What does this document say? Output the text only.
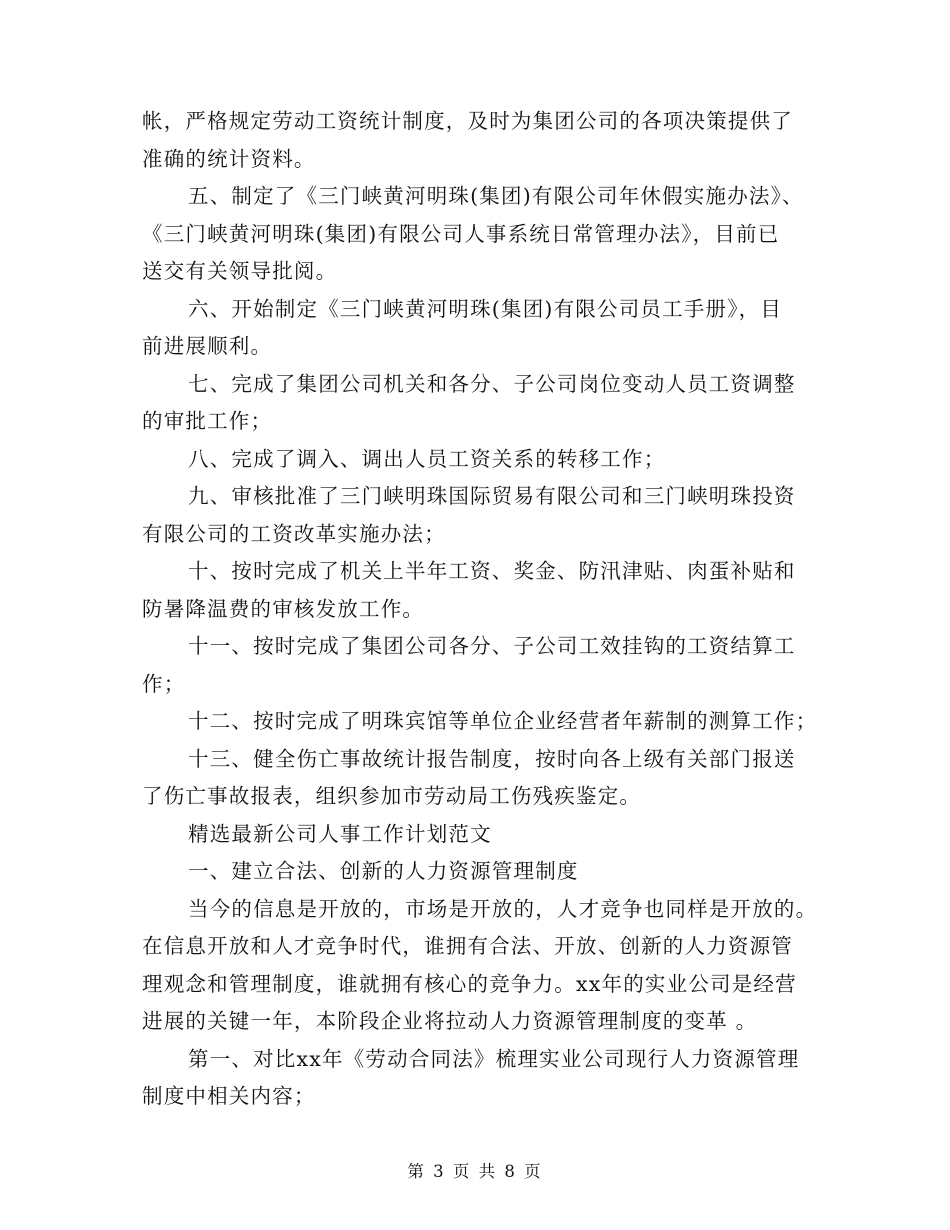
帐，严格规定劳动工资统计制度，及时为集团公司的各项决策提供了
准确的统计资料。
五、制定了《三门峡黄河明珠(集团)有限公司年休假实施办法》、
《三门峡黄河明珠(集团)有限公司人事系统日常管理办法》，目前已
送交有关领导批阅。
六、开始制定《三门峡黄河明珠(集团)有限公司员工手册》，目
前进展顺利。
七、完成了集团公司机关和各分、子公司岗位变动人员工资调整
的审批工作；
八、完成了调入、调出人员工资关系的转移工作；
九、审核批准了三门峡明珠国际贸易有限公司和三门峡明珠投资
有限公司的工资改革实施办法；
十、按时完成了机关上半年工资、奖金、防汛津贴、肉蛋补贴和
防暑降温费的审核发放工作。
十一、按时完成了集团公司各分、子公司工效挂钩的工资结算工
作；
十二、按时完成了明珠宾馆等单位企业经营者年薪制的测算工作；
十三、健全伤亡事故统计报告制度，按时向各上级有关部门报送
了伤亡事故报表，组织参加市劳动局工伤残疾鉴定。
精选最新公司人事工作计划范文
一、建立合法、创新的人力资源管理制度
当今的信息是开放的，市场是开放的，人才竞争也同样是开放的。
在信息开放和人才竞争时代，谁拥有合法、开放、创新的人力资源管
理观念和管理制度，谁就拥有核心的竞争力。xx年的实业公司是经营
进展的关键一年，本阶段企业将拉动人力资源管理制度的变革 。
第一、对比xx年《劳动合同法》梳理实业公司现行人力资源管理
制度中相关内容；
第 3 页 共 8 页
